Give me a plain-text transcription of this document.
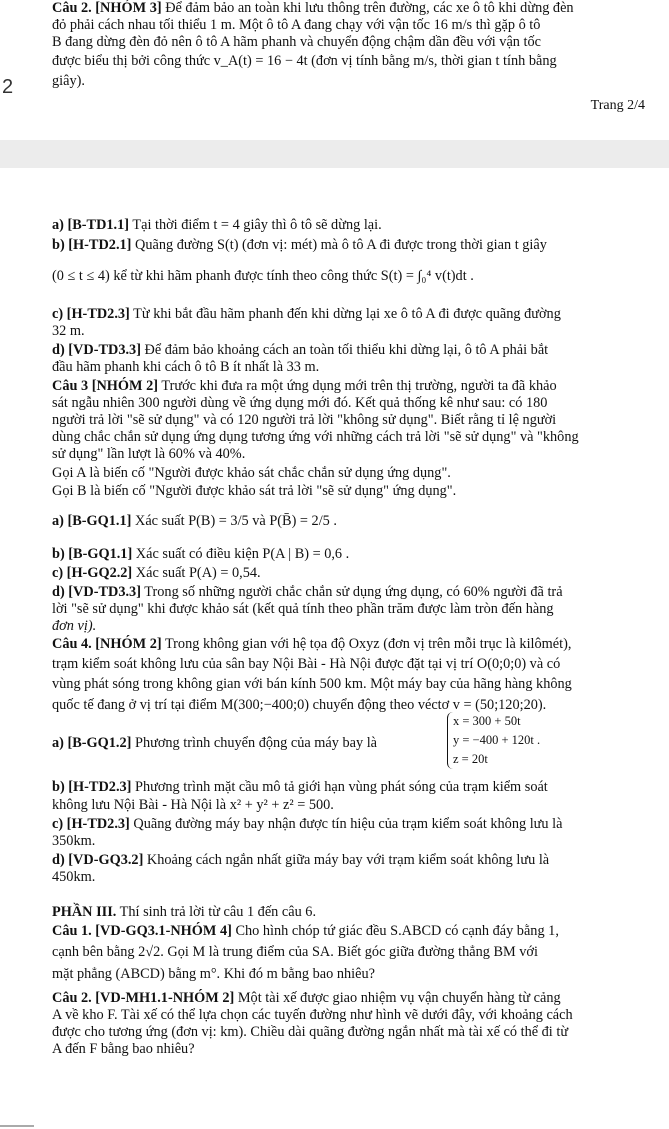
Câu 2. [NHÓM 3] Để đảm bảo an toàn khi lưu thông trên đường, các xe ô tô khi dừng đèn
đỏ phải cách nhau tối thiểu 1 m. Một ô tô A đang chạy với vận tốc 16 m/s thì gặp ô tô
B đang dừng đèn đỏ nên ô tô A hãm phanh và chuyển động chậm dần đều với vận tốc
được biểu thị bởi công thức v_A(t) = 16 − 4t (đơn vị tính bằng m/s, thời gian t tính bằng
giây).
2
Trang 2/4
a) [B-TD1.1] Tại thời điểm t = 4 giây thì ô tô sẽ dừng lại.
b) [H-TD2.1] Quãng đường S(t) (đơn vị: mét) mà ô tô A đi được trong thời gian t giây
(0 ≤ t ≤ 4) kể từ khi hãm phanh được tính theo công thức S(t) = ∫₀⁴ v(t)dt .
c) [H-TD2.3] Từ khi bắt đầu hãm phanh đến khi dừng lại xe ô tô A đi được quãng đường
32 m.
d) [VD-TD3.3] Để đảm bảo khoảng cách an toàn tối thiểu khi dừng lại, ô tô A phải bắt
đầu hãm phanh khi cách ô tô B ít nhất là 33 m.
Câu 3 [NHÓM 2] Trước khi đưa ra một ứng dụng mới trên thị trường, người ta đã khảo
sát ngẫu nhiên 300 người dùng về ứng dụng mới đó. Kết quả thống kê như sau: có 180
người trả lời "sẽ sử dụng" và có 120 người trả lời "không sử dụng". Biết rằng tỉ lệ người
dùng chắc chắn sử dụng ứng dụng tương ứng với những cách trả lời "sẽ sử dụng" và "không
sử dụng" lần lượt là 60% và 40%.
Gọi A là biến cố "Người được khảo sát chắc chắn sử dụng ứng dụng".
Gọi B là biến cố "Người được khảo sát trả lời "sẽ sử dụng" ứng dụng".
a) [B-GQ1.1] Xác suất P(B) = 3/5 và P(B̄) = 2/5 .
b) [B-GQ1.1] Xác suất có điều kiện P(A | B) = 0,6 .
c) [H-GQ2.2] Xác suất P(A) = 0,54.
d) [VD-TD3.3] Trong số những người chắc chắn sử dụng ứng dụng, có 60% người đã trả
lời "sẽ sử dụng" khi được khảo sát (kết quả tính theo phần trăm được làm tròn đến hàng
đơn vị).
Câu 4. [NHÓM 2] Trong không gian với hệ tọa độ Oxyz (đơn vị trên mỗi trục là kilômét),
trạm kiểm soát không lưu của sân bay Nội Bài - Hà Nội được đặt tại vị trí O(0;0;0) và có
vùng phát sóng trong không gian với bán kính 500 km. Một máy bay của hãng hàng không
quốc tế đang ở vị trí tại điểm M(300;−400;0) chuyển động theo véctơ v = (50;120;20).
a) [B-GQ1.2] Phương trình chuyển động của máy bay là
x = 300 + 50t
y = −400 + 120t .
z = 20t
b) [H-TD2.3] Phương trình mặt cầu mô tả giới hạn vùng phát sóng của trạm kiểm soát
không lưu Nội Bài - Hà Nội là x² + y² + z² = 500.
c) [H-TD2.3] Quãng đường máy bay nhận được tín hiệu của trạm kiểm soát không lưu là
350km.
d) [VD-GQ3.2] Khoảng cách ngắn nhất giữa máy bay với trạm kiểm soát không lưu là
450km.
PHẦN III. Thí sinh trả lời từ câu 1 đến câu 6.
Câu 1. [VD-GQ3.1-NHÓM 4] Cho hình chóp tứ giác đều S.ABCD có cạnh đáy bằng 1,
cạnh bên bằng 2√2. Gọi M là trung điểm của SA. Biết góc giữa đường thẳng BM với
mặt phẳng (ABCD) bằng m°. Khi đó m bằng bao nhiêu?
Câu 2. [VD-MH1.1-NHÓM 2] Một tài xế được giao nhiệm vụ vận chuyển hàng từ cảng
A về kho F. Tài xế có thể lựa chọn các tuyến đường như hình vẽ dưới đây, với khoảng cách
được cho tương ứng (đơn vị: km). Chiều dài quãng đường ngắn nhất mà tài xế có thể đi từ
A đến F bằng bao nhiêu?
